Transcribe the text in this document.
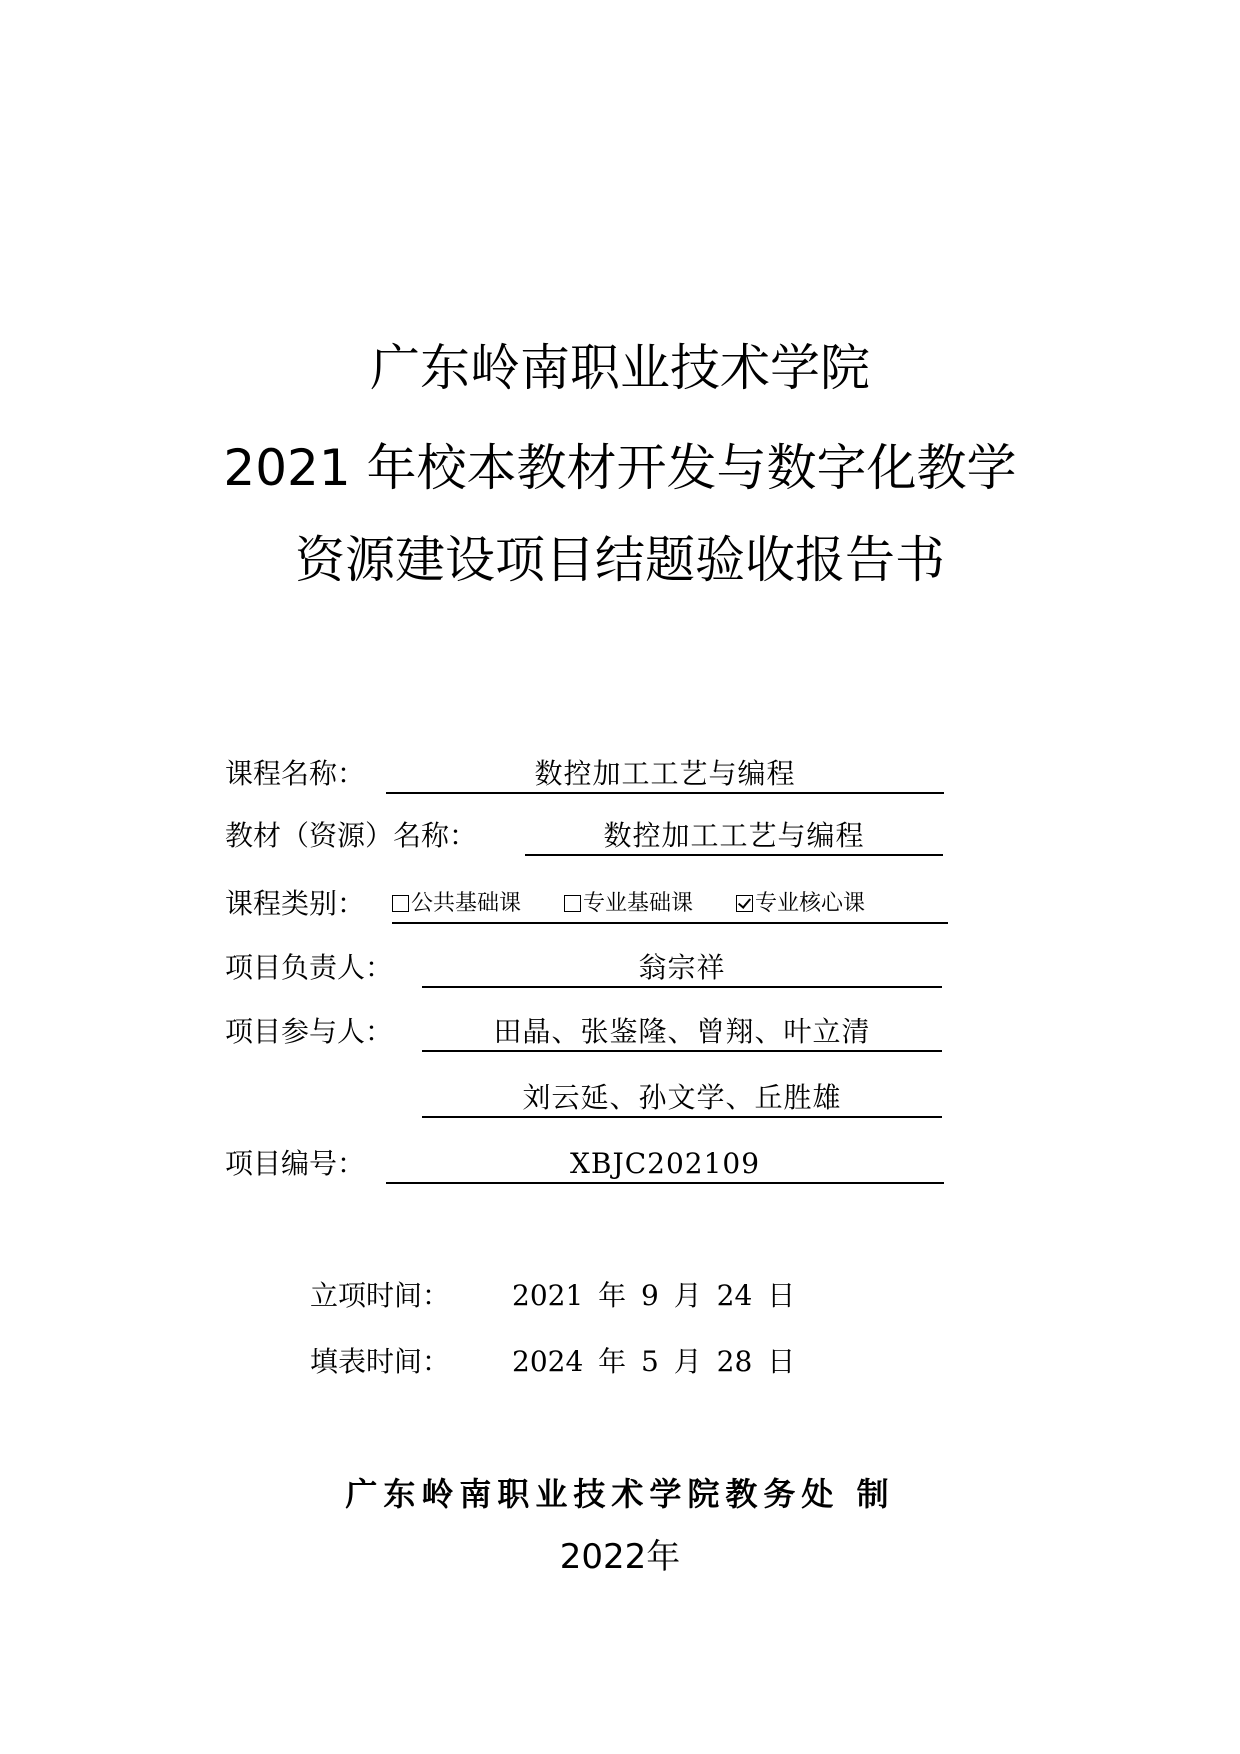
广东岭南职业技术学院
2021 年校本教材开发与数字化教学
资源建设项目结题验收报告书
课程名称：	数控加工工艺与编程
教材（资源）名称：	数控加工工艺与编程
课程类别：	公共基础课	专业基础课	专业核心课
项目负责人：	翁宗祥
项目参与人：	田晶、张鉴隆、曾翔、叶立清
刘云延、孙文学、丘胜雄
项目编号：	XBJC202109
立项时间： 2021 年 9 月 24 日
填表时间： 2024 年 5 月 28 日
广东岭南职业技术学院教务处 制
2022年
